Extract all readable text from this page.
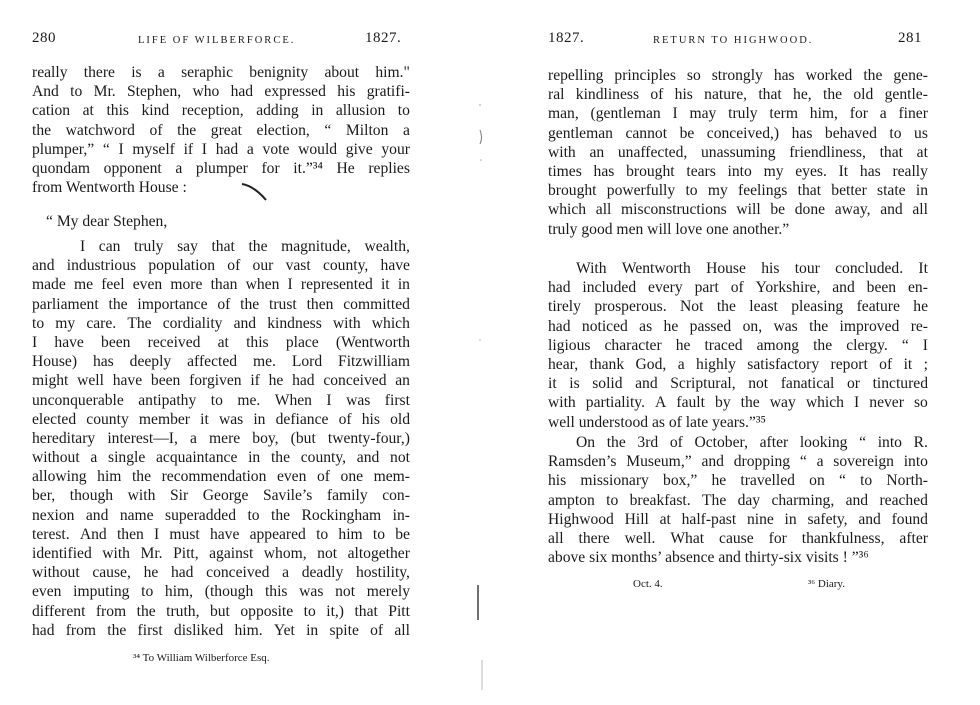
280	LIFE OF WILBERFORCE.	1827.
really there is a seraphic benignity about him."
And to Mr. Stephen, who had expressed his gratifi-
cation at this kind reception, adding in allusion to
the watchword of the great election, “ Milton a
plumper,” “ I myself if I had a vote would give your
quondam opponent a plumper for it.”³⁴ He replies
from Wentworth House :
“ My dear Stephen,
I can truly say that the magnitude, wealth,
and industrious population of our vast county, have
made me feel even more than when I represented it in
parliament the importance of the trust then committed
to my care. The cordiality and kindness with which
I have been received at this place (Wentworth
House) has deeply affected me. Lord Fitzwilliam
might well have been forgiven if he had conceived an
unconquerable antipathy to me. When I was first
elected county member it was in defiance of his old
hereditary interest—I, a mere boy, (but twenty-four,)
without a single acquaintance in the county, and not
allowing him the recommendation even of one mem-
ber, though with Sir George Savile’s family con-
nexion and name superadded to the Rockingham in-
terest. And then I must have appeared to him to be
identified with Mr. Pitt, against whom, not altogether
without cause, he had conceived a deadly hostility,
even imputing to him, (though this was not merely
different from the truth, but opposite to it,) that Pitt
had from the first disliked him. Yet in spite of all
³⁴ To William Wilberforce Esq.
1827.	RETURN TO HIGHWOOD.	281
repelling principles so strongly has worked the gene-
ral kindliness of his nature, that he, the old gentle-
man, (gentleman I may truly term him, for a finer
gentleman cannot be conceived,) has behaved to us
with an unaffected, unassuming friendliness, that at
times has brought tears into my eyes. It has really
brought powerfully to my feelings that better state in
which all misconstructions will be done away, and all
truly good men will love one another.”
With Wentworth House his tour concluded. It
had included every part of Yorkshire, and been en-
tirely prosperous. Not the least pleasing feature he
had noticed as he passed on, was the improved re-
ligious character he traced among the clergy. “ I
hear, thank God, a highly satisfactory report of it ;
it is solid and Scriptural, not fanatical or tinctured
with partiality. A fault by the way which I never so
well understood as of late years.”³⁵
On the 3rd of October, after looking “ into R.
Ramsden’s Museum,” and dropping “ a sovereign into
his missionary box,” he travelled on “ to North-
ampton to breakfast. The day charming, and reached
Highwood Hill at half-past nine in safety, and found
all there well. What cause for thankfulness, after
above six months’ absence and thirty-six visits ! ”³⁶
Oct. 4.	³⁶ Diary.
